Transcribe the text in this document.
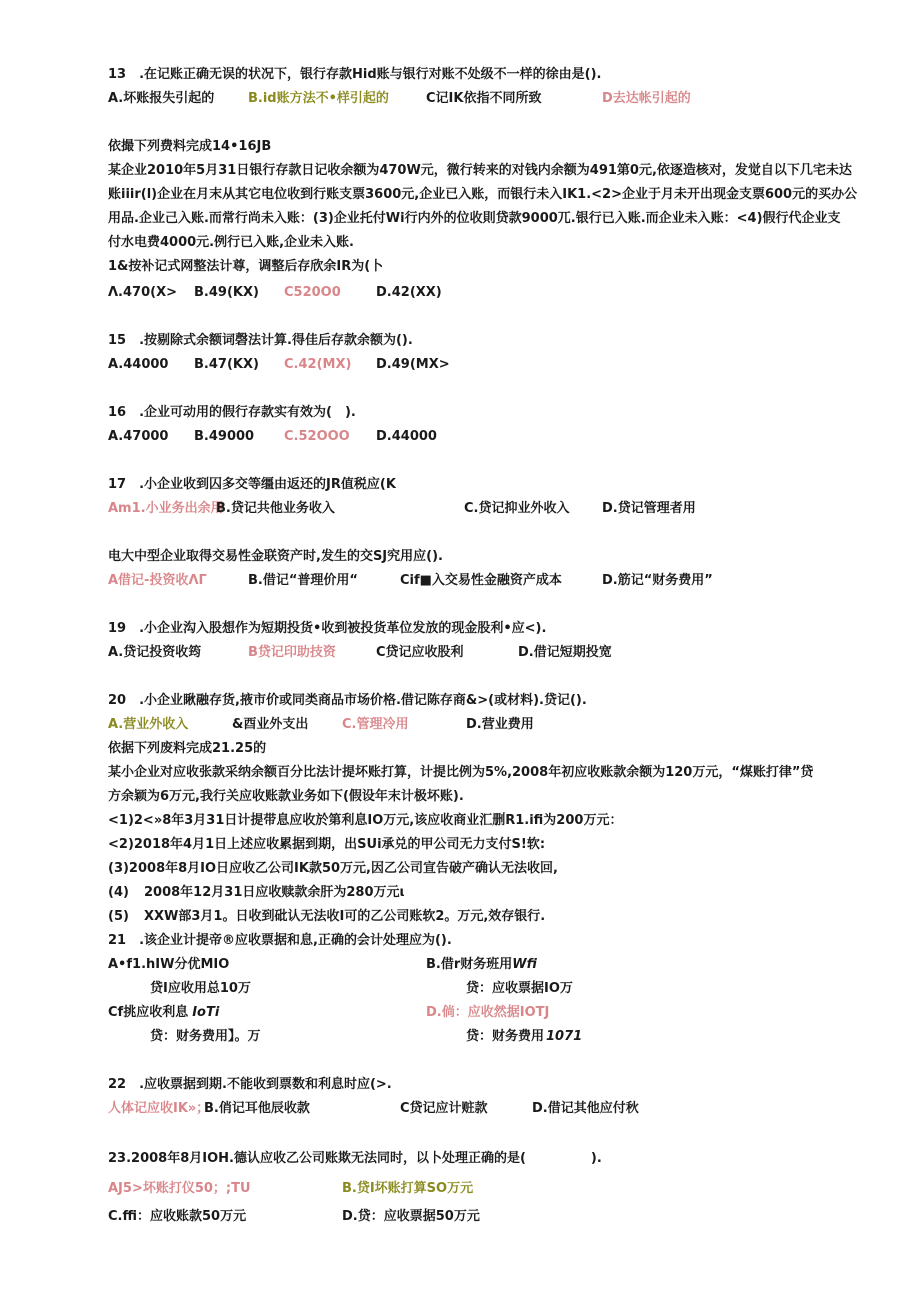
13　.在记账正确无误的状况下，银行存款Hid账与银行对账不处级不一样的徐由是().
A.坏账报失引起的	B.id账方法不•样引起的	C记IK依指不同所致	D去达帐引起的
依撮下列费料完成14•16JB
某企业2010年5月31日银行存款日记收余额为470W元，微行转来的对钱内余额为491第0元,依逐造核对，发觉自以下几宅未达
账iiir(l)企业在月末从其它电位收到行账支票3600元,企业已入账，而银行未入IK1.<2>企业于月未开出现金支票600元的买办公
用品.企业己入账.而常行尚未入账：(3)企业托付Wi行内外的位收則贷款9000兀.银行已入账.而企业未入账：<4)假行代企业支
付水电费4000元.例行已入账,企业未入账.
1&按补记式网整法计尊，调整后存欣余IR为(卜
Λ.470(X> B.49(KX) C520O0	D.42(XX)
15　.按剔除式余额词磬法计算.得佳后存款余额为().
A.44000 B.47(KX) C.42(MX) D.49(MX>
16　.企业可动用的假行存款实有效为(　).
A.47000 B.49000 C.52OOO D.44000
17　.小企业收到囚多交等缰由返还的JR值税应(K
Am1.小业务出余用
B.贷记共他业务收入	C.贷记抑业外收入	D.贷记管理者用
电大中型企业取得交易性金联资产时,发生的交SJ究用应().
A借记-投资收ΛΓ	B.借记“普理价用“	Cif■入交易性金融资产成本	D.筋记“财务费用”
19　.小企业沟入股想作为短期投货•收到被投货革位发放的现金股利•应<).
A.贷记投资收筠	B贷记印助技资	C贷记应收股利	D.借记短期投宽
20　.小企业瞅融存货,掖市价或同类商品市场价格.借记陈存商&>(或材料).贷记().
A.营业外收入	&酉业外支出	C.管理冷用	D.营业费用
依据下列废料完成21.25的
某小企业对应收张款采纳余额百分比法计提坏账打算，计提比例为5%,2008年初应收账款余额为120万元，“煤账打律”贷
方余颖为6万元,我行关应收账款业务如下(假设年末计极坏账).
<1)2<»8年3月31日计提带息应收於第利息IO万元,该应收商业汇删R1.ifi为200万元：
<2)2018年4月1日上述应收累据到期，出SUi承兑的甲公司无力支付S!软:
(3)2008年8月IO日应收乙公司IK款50万元,因乙公司宣告破产确认无法收回,
(4) 2008年12月31日应收赎款余肝为280万元ι
(5) XXW部3月1。日收到砒认无法收I可的乙公司账软2。万元,效存银行.
21　.该企业计提帝®应收票据和息,正确的会计处理应为().
A•f1.hIW分优MIO
贷I应收用总10万
B.借r财务班用Wfi
贷：应收票据IO万
Cf挑应收利息 IoTi
贷：财务费用】。万
D.倘：应收然据IOTJ
贷：财务费用 1071
22　.应收票据到期.不能收到票数和利息时应(>.
人体记应收IK»；
B.俏记耳他辰收款	C贷记应计赃款	D.借记其他应付秋
23.2008年8月IOH.德认应收乙公司账欺无法同时，以卜处理正确的是(　　　　　).
AJ5>坏账打仪50；;TU	B.贷I坏账打算SO万元
C.ffi：应收账款50万元	D.贷：应收票据50万元
